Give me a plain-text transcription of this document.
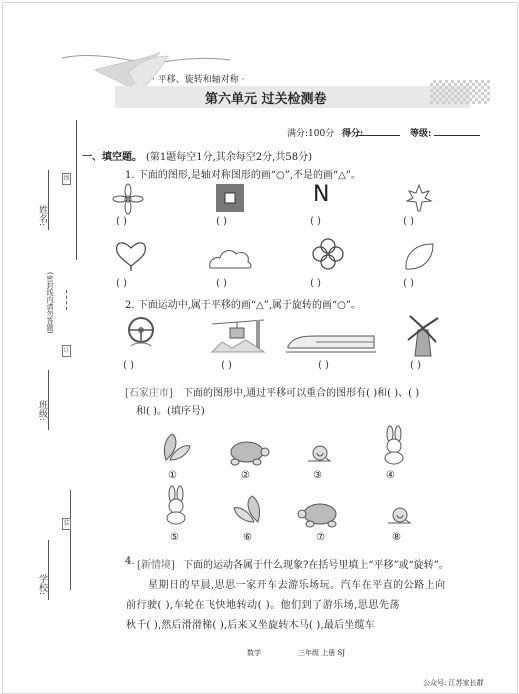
· 平移、旋转和轴对称 ·
第六单元 过关检测卷
满分:100分 得分:	等级:
线
订
装
姓名:
(密封线内请勿答题)
班级:
学校:
一、填空题。 (第1题每空1分,其余每空2分,共58分)
1. 下面的图形,是轴对称图形的画“○”,不是的画“△”。
N
( )	( )	( )	( )
( )	( )	( )	( )
2. 下面运动中,属于平移的画“△”,属于旋转的画“○”。
( )	( )	( )	( )
[石家庄市] 下面的图形中,通过平移可以重合的图形有( )和( )、( )
和( )。(填序号)
①	②	③	④
⑤	⑥	⑦	⑧
4. [新情境] 下面的运动各属于什么现象?在括号里填上“平移”或“旋转”。
星期日的早晨,思思一家开车去游乐场玩。汽车在平直的公路上向
前行驶( ),车轮在飞快地转动( )。他们到了游乐场,思思先荡
秋千( ),然后滑滑梯( ),后来又坐旋转木马( ),最后坐缆车
数学	三年级 上册 SJ
公众号: 江苏家长群
